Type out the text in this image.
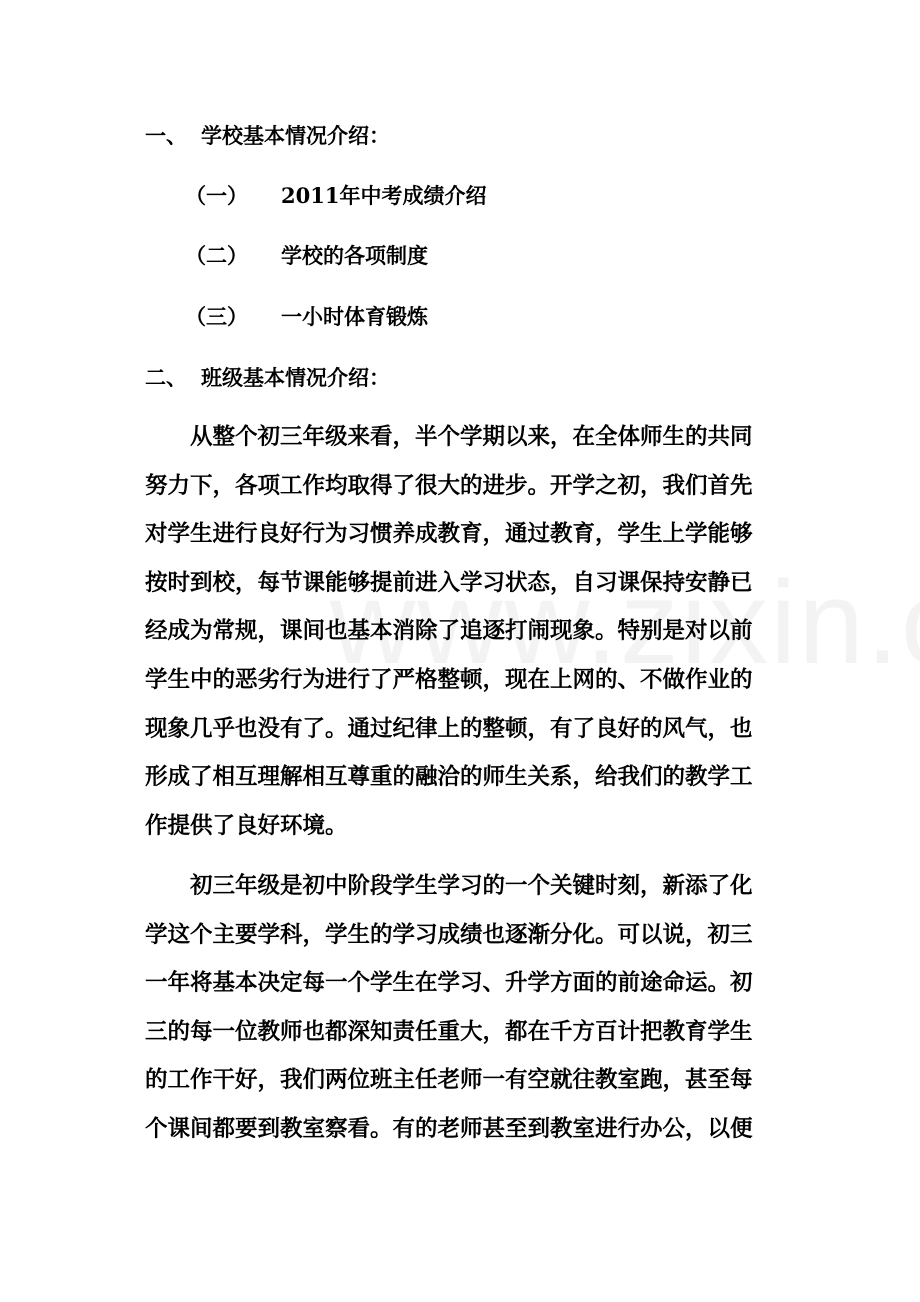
一、 学校基本情况介绍：
（一） 2011年中考成绩介绍
（二） 学校的各项制度
（三） 一小时体育锻炼
二、 班级基本情况介绍：
从整个初三年级来看，半个学期以来，在全体师生的共同
努力下，各项工作均取得了很大的进步。开学之初，我们首先
对学生进行良好行为习惯养成教育，通过教育，学生上学能够
按时到校，每节课能够提前进入学习状态，自习课保持安静已
经成为常规，课间也基本消除了追逐打闹现象。特别是对以前
学生中的恶劣行为进行了严格整顿，现在上网的、不做作业的
现象几乎也没有了。通过纪律上的整顿，有了良好的风气，也
形成了相互理解相互尊重的融洽的师生关系，给我们的教学工
作提供了良好环境。
初三年级是初中阶段学生学习的一个关键时刻，新添了化
学这个主要学科，学生的学习成绩也逐渐分化。可以说，初三
一年将基本决定每一个学生在学习、升学方面的前途命运。初
三的每一位教师也都深知责任重大，都在千方百计把教育学生
的工作干好，我们两位班主任老师一有空就往教室跑，甚至每
个课间都要到教室察看。有的老师甚至到教室进行办公，以便
